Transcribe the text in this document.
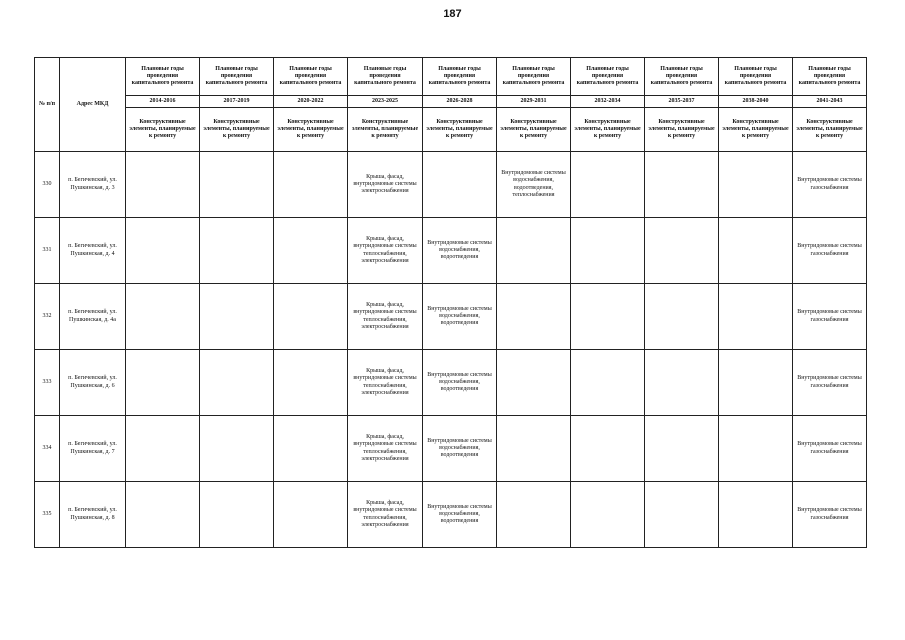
187
№ п/п	Адрес МКД	Плановые годы проведения капитального ремонта	Плановые годы проведения капитального ремонта	Плановые годы проведения капитального ремонта	Плановые годы проведения капитального ремонта	Плановые годы проведения капитального ремонта	Плановые годы проведения капитального ремонта	Плановые годы проведения капитального ремонта	Плановые годы проведения капитального ремонта	Плановые годы проведения капитального ремонта	Плановые годы проведения капитального ремонта
		2014-2016	2017-2019	2020-2022	2023-2025	2026-2028	2029-2031	2032-2034	2035-2037	2038-2040	2041-2043
		Конструктивные элементы, планируемые к ремонту	Конструктивные элементы, планируемые к ремонту	Конструктивные элементы, планируемые к ремонту	Конструктивные элементы, планируемые к ремонту	Конструктивные элементы, планируемые к ремонту	Конструктивные элементы, планируемые к ремонту	Конструктивные элементы, планируемые к ремонту	Конструктивные элементы, планируемые к ремонту	Конструктивные элементы, планируемые к ремонту	Конструктивные элементы, планируемые к ремонту
330	п. Бегичевский, ул. Пушкинская, д. 3				Крыша, фасад, внутридомовые системы электроснабжения		Внутридомовые системы водоснабжения, водоотведения, теплоснабжения				Внутридомовые системы газоснабжения
331	п. Бегичевский, ул. Пушкинская, д. 4				Крыша, фасад, внутридомовые системы теплоснабжения, электроснабжения	Внутридомовые системы водоснабжения, водоотведения					Внутридомовые системы газоснабжения
332	п. Бегичевский, ул. Пушкинская, д. 4а				Крыша, фасад, внутридомовые системы теплоснабжения, электроснабжения	Внутридомовые системы водоснабжения, водоотведения					Внутридомовые системы газоснабжения
333	п. Бегичевский, ул. Пушкинская, д. 6				Крыша, фасад, внутридомовые системы теплоснабжения, электроснабжения	Внутридомовые системы водоснабжения, водоотведения					Внутридомовые системы газоснабжения
334	п. Бегичевский, ул. Пушкинская, д. 7				Крыша, фасад, внутридомовые системы теплоснабжения, электроснабжения	Внутридомовые системы водоснабжения, водоотведения					Внутридомовые системы газоснабжения
335	п. Бегичевский, ул. Пушкинская, д. 8				Крыша, фасад, внутридомовые системы теплоснабжения, электроснабжения	Внутридомовые системы водоснабжения, водоотведения					Внутридомовые системы газоснабжения
